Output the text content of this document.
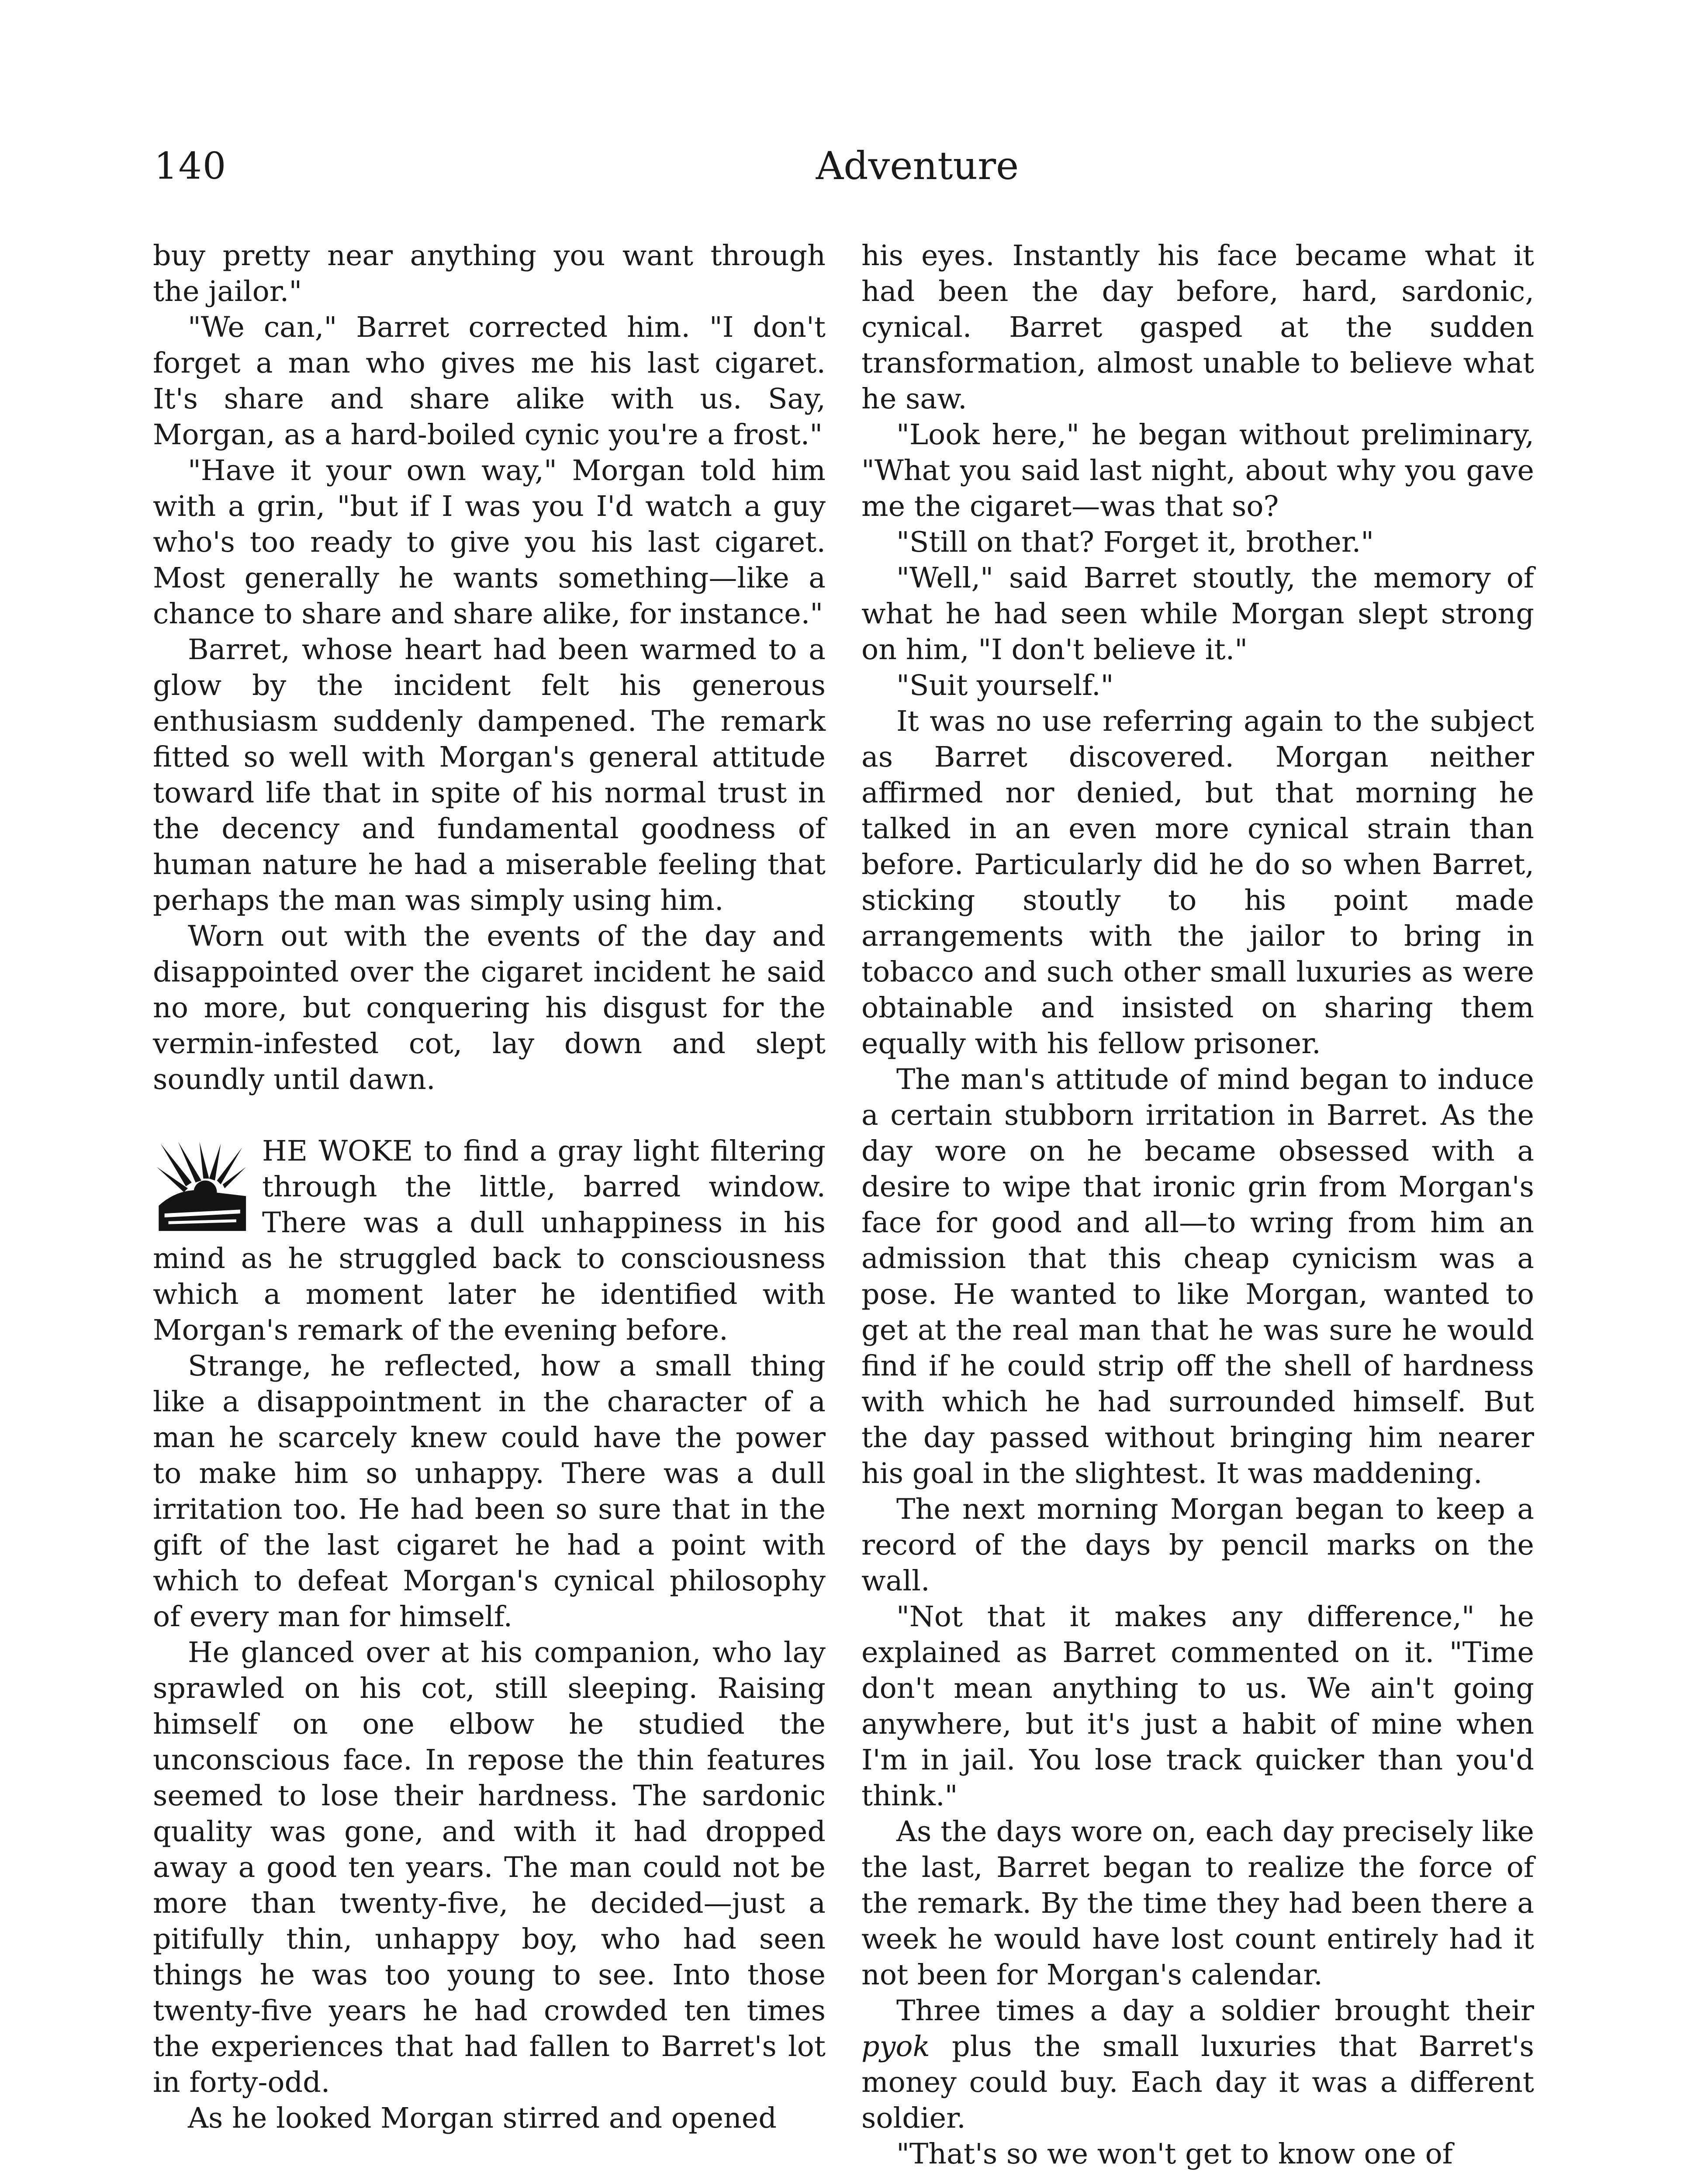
140	Adventure

buy pretty near anything you want through the jailor."

"We can," Barret corrected him. "I don't forget a man who gives me his last cigaret. It's share and share alike with us. Say, Morgan, as a hard-boiled cynic you're a frost."

"Have it your own way," Morgan told him with a grin, "but if I was you I'd watch a guy who's too ready to give you his last cigaret. Most generally he wants something—like a chance to share and share alike, for instance."

Barret, whose heart had been warmed to a glow by the incident felt his generous enthusiasm suddenly dampened. The remark fitted so well with Morgan's general attitude toward life that in spite of his normal trust in the decency and fundamental goodness of human nature he had a miserable feeling that perhaps the man was simply using him.

Worn out with the events of the day and disappointed over the cigaret incident he said no more, but conquering his disgust for the vermin-infested cot, lay down and slept soundly until dawn.

HE WOKE to find a gray light filtering through the little, barred window. There was a dull unhappiness in his mind as he struggled back to consciousness which a moment later he identified with Morgan's remark of the evening before.

Strange, he reflected, how a small thing like a disappointment in the character of a man he scarcely knew could have the power to make him so unhappy. There was a dull irritation too. He had been so sure that in the gift of the last cigaret he had a point with which to defeat Morgan's cynical philosophy of every man for himself.

He glanced over at his companion, who lay sprawled on his cot, still sleeping. Raising himself on one elbow he studied the unconscious face. In repose the thin features seemed to lose their hardness. The sardonic quality was gone, and with it had dropped away a good ten years. The man could not be more than twenty-five, he decided—just a pitifully thin, unhappy boy, who had seen things he was too young to see. Into those twenty-five years he had crowded ten times the experiences that had fallen to Barret's lot in forty-odd.

As he looked Morgan stirred and opened

his eyes. Instantly his face became what it had been the day before, hard, sardonic, cynical. Barret gasped at the sudden transformation, almost unable to believe what he saw.

"Look here," he began without preliminary, "What you said last night, about why you gave me the cigaret—was that so?

"Still on that? Forget it, brother."

"Well," said Barret stoutly, the memory of what he had seen while Morgan slept strong on him, "I don't believe it."

"Suit yourself."

It was no use referring again to the subject as Barret discovered. Morgan neither affirmed nor denied, but that morning he talked in an even more cynical strain than before. Particularly did he do so when Barret, sticking stoutly to his point made arrangements with the jailor to bring in tobacco and such other small luxuries as were obtainable and insisted on sharing them equally with his fellow prisoner.

The man's attitude of mind began to induce a certain stubborn irritation in Barret. As the day wore on he became obsessed with a desire to wipe that ironic grin from Morgan's face for good and all—to wring from him an admission that this cheap cynicism was a pose. He wanted to like Morgan, wanted to get at the real man that he was sure he would find if he could strip off the shell of hardness with which he had surrounded himself. But the day passed without bringing him nearer his goal in the slightest. It was maddening.

The next morning Morgan began to keep a record of the days by pencil marks on the wall.

"Not that it makes any difference," he explained as Barret commented on it. "Time don't mean anything to us. We ain't going anywhere, but it's just a habit of mine when I'm in jail. You lose track quicker than you'd think."

As the days wore on, each day precisely like the last, Barret began to realize the force of the remark. By the time they had been there a week he would have lost count entirely had it not been for Morgan's calendar.

Three times a day a soldier brought their pyok plus the small luxuries that Barret's money could buy. Each day it was a different soldier.

"That's so we won't get to know one of
